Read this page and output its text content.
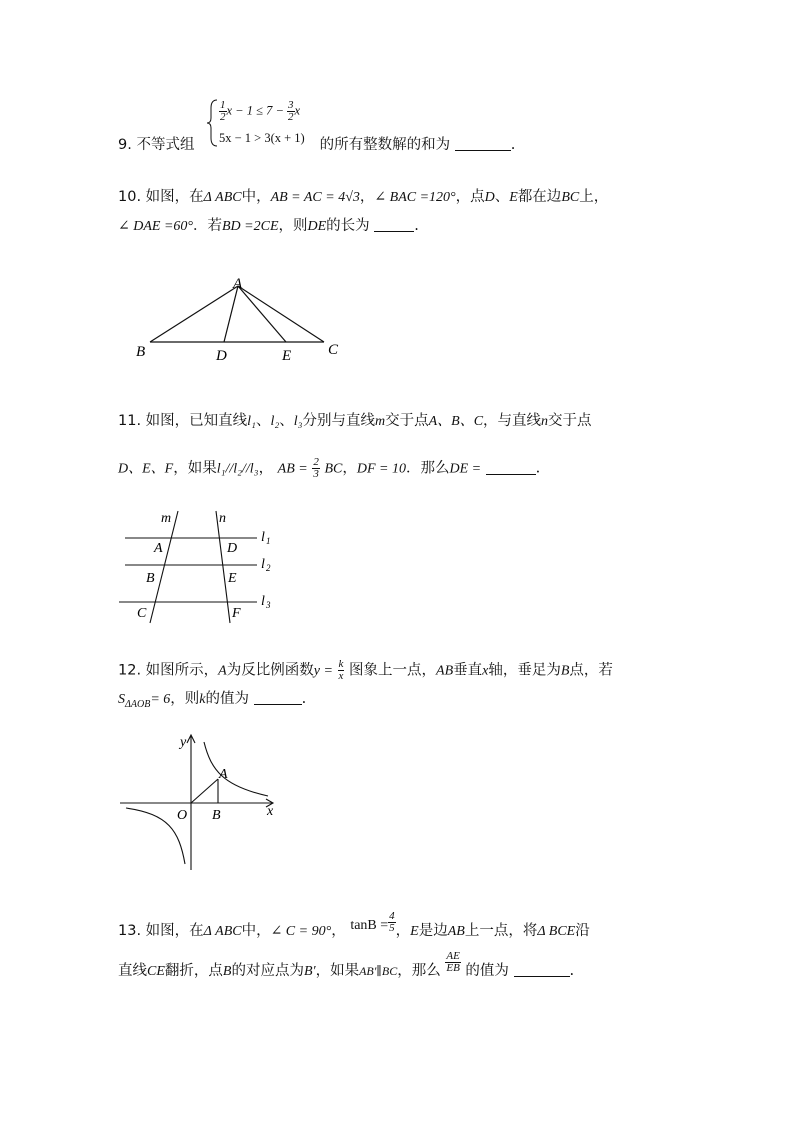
$\frac{1}{2}$ $x - 1 \le 7 - \frac{3}{2}$ x
5x − 1 > 3(x + 1)
9. 不等式组	的所有整数解的和为	.
10. 如图，在Δ ABC中，AB = AC = 4√3，∠ BAC =120°，点D、E都在边BC上，
∠ DAE =60°．若BD =2CE，则DE的长为	.
A
B	C
D	E
11. 如图，已知直线l₁、l₂、l₃分别与直线m交于点A、B、C，与直线n交于点
D、E、F，如果l₁//l₂//l₃， AB = $\frac{2}{3}$ BC，DF = 10．那么DE =	.
m	n
A
B
C
D
E
F
l 1
l 2
l 3
12. 如图所示，A为反比例函数$y = \frac{k}{x}$ 图象上一点，AB垂直x轴，垂足为B点，若
$S_{\Delta AOB}= 6$，则k的值为	.
y
x
O
A
B
13. 如图，在Δ ABC中，∠ C = 90°， $\tan B = \frac{4}{5}$ ，E是边AB上一点，将Δ BCE沿
直线CE翻折，点B的对应点为B′，如果AB′∥BC，那么 $\frac{AE}{EB}$ 的值为	.
